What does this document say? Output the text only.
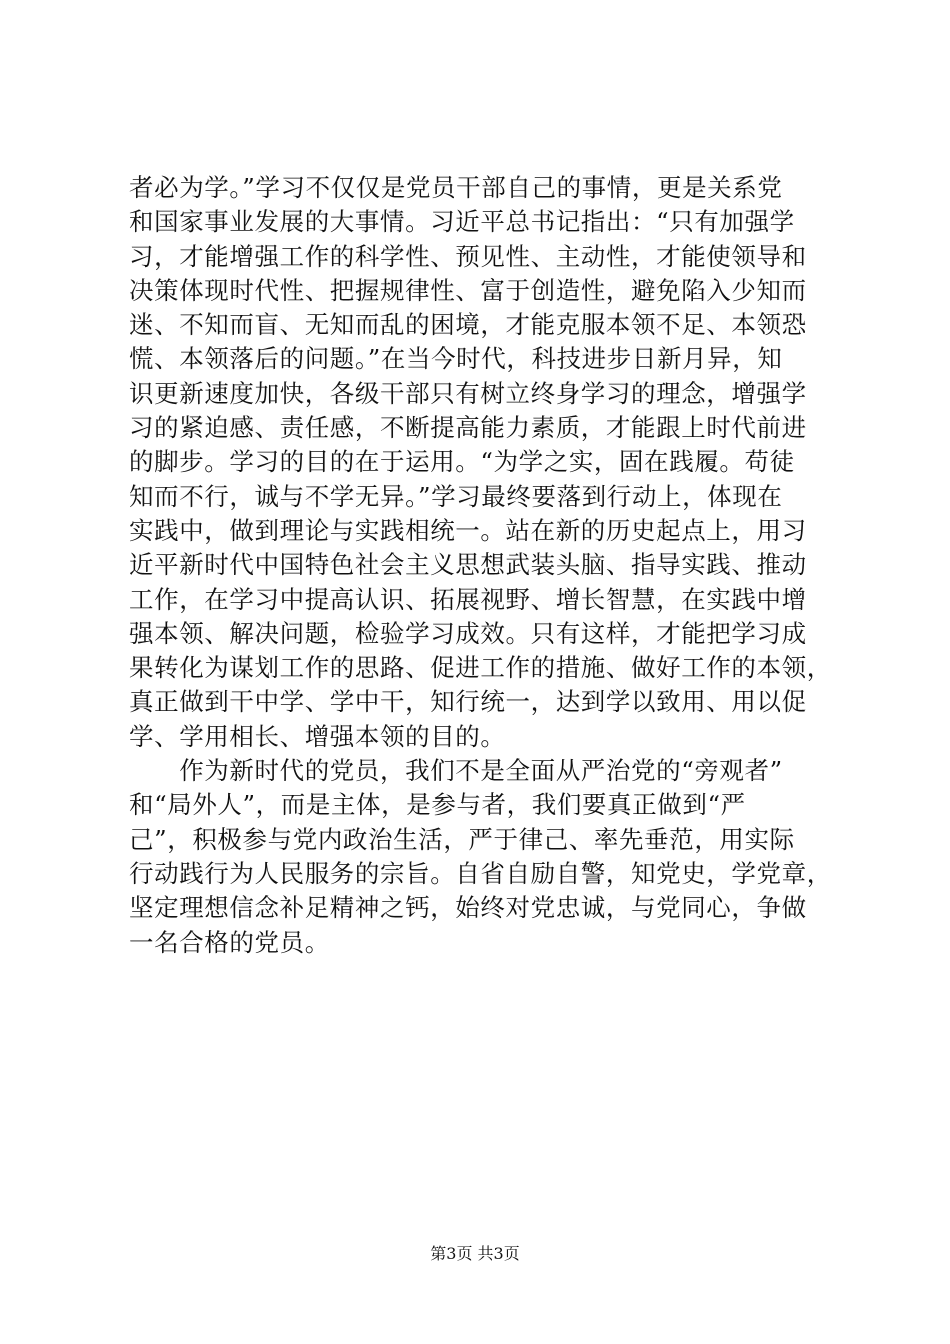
者必为学。”学习不仅仅是党员干部自己的事情，更是关系党
和国家事业发展的大事情。习近平总书记指出：“只有加强学
习，才能增强工作的科学性、预见性、主动性，才能使领导和
决策体现时代性、把握规律性、富于创造性，避免陷入少知而
迷、不知而盲、无知而乱的困境，才能克服本领不足、本领恐
慌、本领落后的问题。”在当今时代，科技进步日新月异，知
识更新速度加快，各级干部只有树立终身学习的理念，增强学
习的紧迫感、责任感，不断提高能力素质，才能跟上时代前进
的脚步。学习的目的在于运用。“为学之实，固在践履。苟徒
知而不行，诚与不学无异。”学习最终要落到行动上，体现在
实践中，做到理论与实践相统一。站在新的历史起点上，用习
近平新时代中国特色社会主义思想武装头脑、指导实践、推动
工作，在学习中提高认识、拓展视野、增长智慧，在实践中增
强本领、解决问题，检验学习成效。只有这样，才能把学习成
果转化为谋划工作的思路、促进工作的措施、做好工作的本领，
真正做到干中学、学中干，知行统一，达到学以致用、用以促
学、学用相长、增强本领的目的。
　　作为新时代的党员，我们不是全面从严治党的“旁观者”
和“局外人”，而是主体，是参与者，我们要真正做到“严
己”，积极参与党内政治生活，严于律己、率先垂范，用实际
行动践行为人民服务的宗旨。自省自励自警，知党史，学党章，
坚定理想信念补足精神之钙，始终对党忠诚，与党同心，争做
一名合格的党员。
第3页 共3页
